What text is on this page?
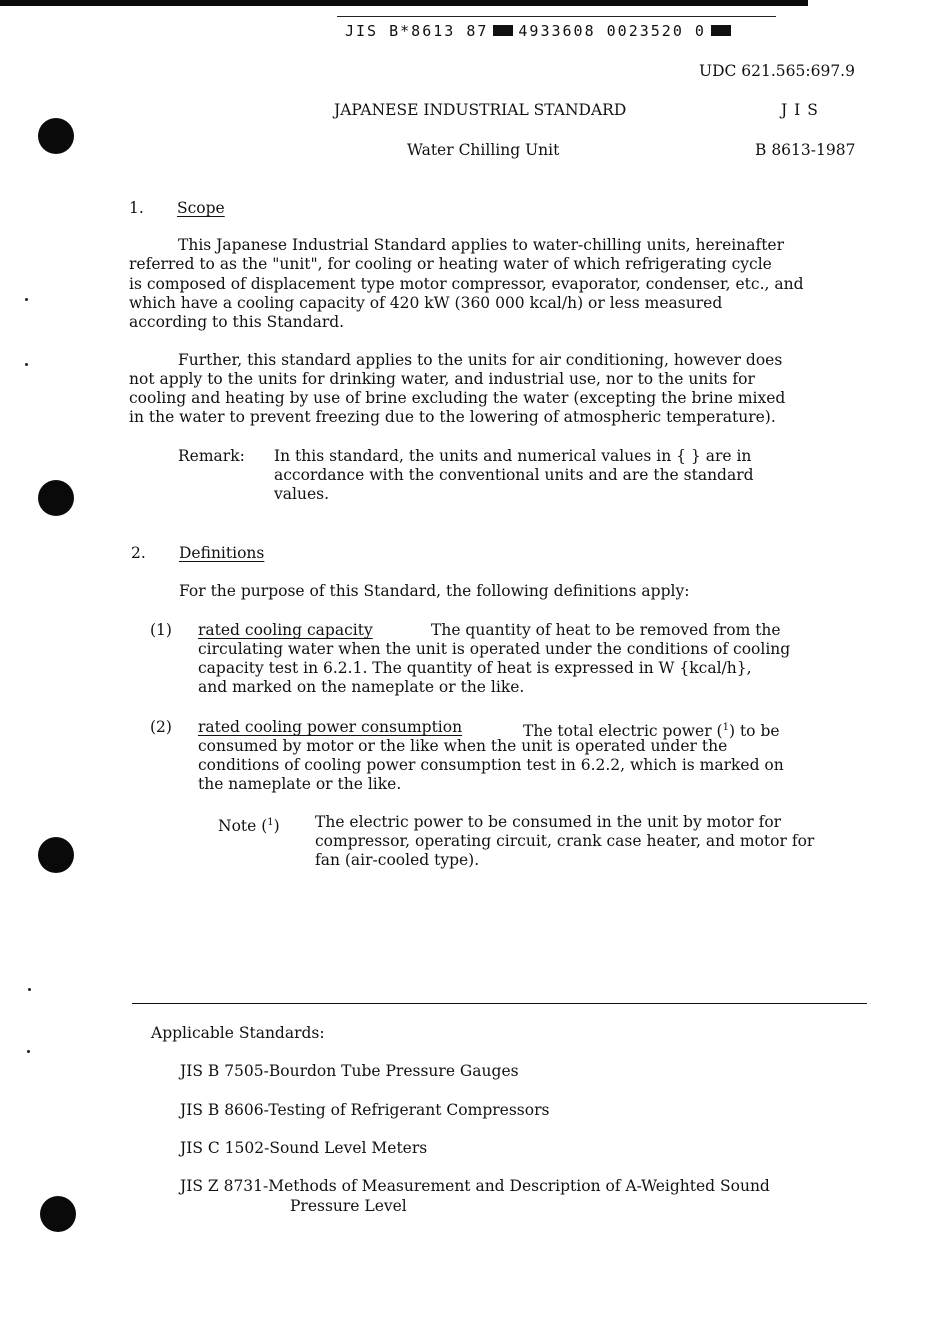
JIS B*8613 87 4933608 0023520 0
UDC 621.565:697.9
JAPANESE INDUSTRIAL STANDARD	J I S
Water Chilling Unit	B 8613-1987
1. Scope
This Japanese Industrial Standard applies to water-chilling units, hereinafter
referred to as the "unit", for cooling or heating water of which refrigerating cycle
is composed of displacement type motor compressor, evaporator, condenser, etc., and
which have a cooling capacity of 420 kW (360 000 kcal/h) or less measured
according to this Standard.
Further, this standard applies to the units for air conditioning, however does
not apply to the units for drinking water, and industrial use, nor to the units for
cooling and heating by use of brine excluding the water (excepting the brine mixed
in the water to prevent freezing due to the lowering of atmospheric temperature).
Remark: In this standard, the units and numerical values in { } are in
accordance with the conventional units and are the standard
values.
2. Definitions
For the purpose of this Standard, the following definitions apply:
(1) rated cooling capacity	The quantity of heat to be removed from the
circulating water when the unit is operated under the conditions of cooling
capacity test in 6.2.1. The quantity of heat is expressed in W {kcal/h},
and marked on the nameplate or the like.
(2) rated cooling power consumption	The total electric power ($^1$) to be
consumed by motor or the like when the unit is operated under the
conditions of cooling power consumption test in 6.2.2, which is marked on
the nameplate or the like.
Note ($^1$) The electric power to be consumed in the unit by motor for
compressor, operating circuit, crank case heater, and motor for
fan (air-cooled type).
Applicable Standards:
JIS B 7505-Bourdon Tube Pressure Gauges
JIS B 8606-Testing of Refrigerant Compressors
JIS C 1502-Sound Level Meters
JIS Z 8731-Methods of Measurement and Description of A-Weighted Sound
Pressure Level
